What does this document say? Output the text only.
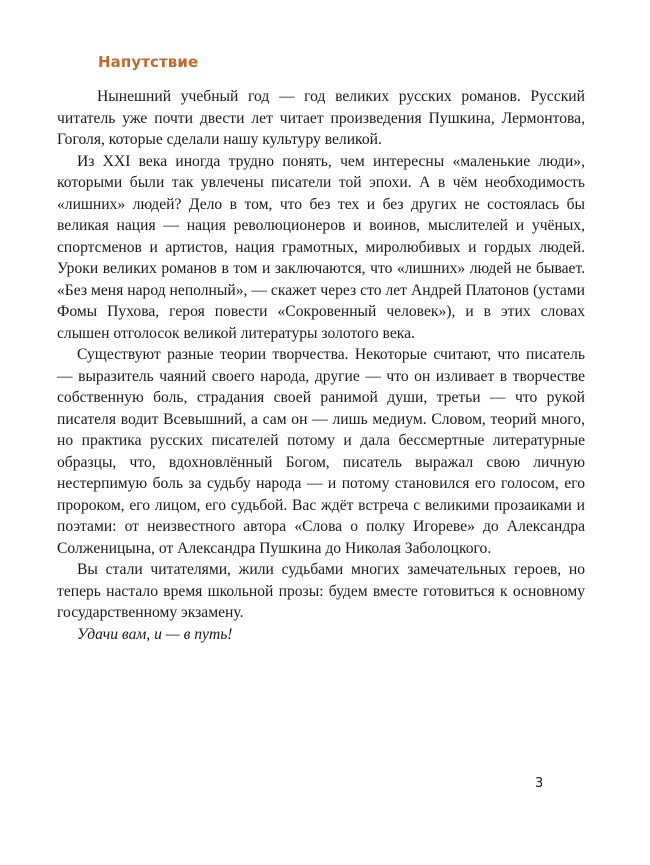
Напутствие

Нынешний учебный год — год великих русских романов. Русский читатель уже почти двести лет читает произведения Пушкина, Лермонтова, Гоголя, которые сделали нашу культуру великой.

Из XXI века иногда трудно понять, чем интересны «маленькие люди», которыми были так увлечены писатели той эпохи. А в чём необходимость «лишних» людей? Дело в том, что без тех и без других не состоялась бы великая нация — нация революционеров и воинов, мыслителей и учёных, спортсменов и артистов, нация грамотных, миролюбивых и гордых людей. Уроки великих романов в том и заключаются, что «лишних» людей не бывает. «Без меня народ неполный», — скажет через сто лет Андрей Платонов (устами Фомы Пухова, героя повести «Сокровенный человек»), и в этих словах слышен отголосок великой литературы золотого века.

Существуют разные теории творчества. Некоторые считают, что писатель — выразитель чаяний своего народа, другие — что он изливает в творчестве собственную боль, страдания своей ранимой души, третьи — что рукой писателя водит Всевышний, а сам он — лишь медиум. Словом, теорий много, но практика русских писателей потому и дала бессмертные литературные образцы, что, вдохновлённый Богом, писатель выражал свою личную нестерпимую боль за судьбу народа — и потому становился его голосом, его пророком, его лицом, его судьбой. Вас ждёт встреча с великими прозаиками и поэтами: от неизвестного автора «Слова о полку Игореве» до Александра Солженицына, от Александра Пушкина до Николая Заболоцкого.

Вы стали читателями, жили судьбами многих замечательных героев, но теперь настало время школьной прозы: будем вместе готовиться к основному государственному экзамену.

Удачи вам, и — в путь!

3
